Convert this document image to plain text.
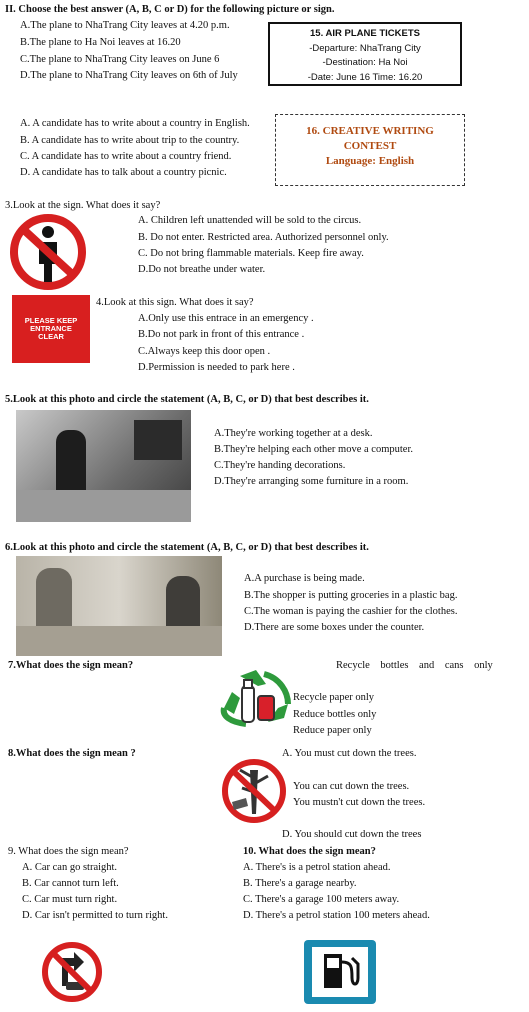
II. Choose the best answer (A, B, C or D) for the following picture or sign.
A.The plane to NhaTrang City leaves at 4.20 p.m.
B.The plane to Ha Noi leaves at 16.20
C.The plane to NhaTrang City leaves on June 6
D.The plane to NhaTrang City leaves on 6th of July
15. AIR PLANE TICKETS
-Departure: NhaTrang City
-Destination: Ha Noi
-Date: June 16 Time: 16.20
A. A candidate has to write about a country in English.
B. A candidate has to write about trip to the country.
C. A candidate has to write about a country friend.
D. A candidate has to talk about a country picnic.
16. CREATIVE WRITING
CONTEST
Language: English
3.Look at the sign. What does it say?
A. Children left unattended will be sold to the circus.
B. Do not enter. Restricted area. Authorized personnel only.
C. Do not bring flammable materials. Keep fire away.
D.Do not breathe under water.
4.Look at this sign. What does it say?
PLEASE KEEP
ENTRANCE
CLEAR
A.Only use this entrace in an emergency .
B.Do not park in front of this entrance .
C.Always keep this door open .
D.Permission is needed to park here .
5.Look at this photo and circle the statement (A, B, C, or D) that best describes it.
A.They're working together at a desk.
B.They're helping each other move a computer.
C.They're handing decorations.
D.They're arranging some furniture in a room.
6.Look at this photo and circle the statement (A, B, C, or D) that best describes it.
A.A purchase is being made.
B.The shopper is putting groceries in a plastic bag.
C.The woman is paying the cashier for the clothes.
D.There are some boxes under the counter.
7.What does the sign mean?	Recycle bottles and cans only
Recycle paper only
Reduce bottles only
Reduce paper only
8.What does the sign mean ?	A. You must cut down the trees.
You can cut down the trees.
You mustn't cut down the trees.
D. You should cut down the trees
9. What does the sign mean?
A. Car can go straight.
B. Car cannot turn left.
C. Car must turn right.
D. Car isn't permitted to turn right.
10. What does the sign mean?
A. There's is a petrol station ahead.
B. There's a garage nearby.
C. There's a garage 100 meters away.
D. There's a petrol station 100 meters ahead.
